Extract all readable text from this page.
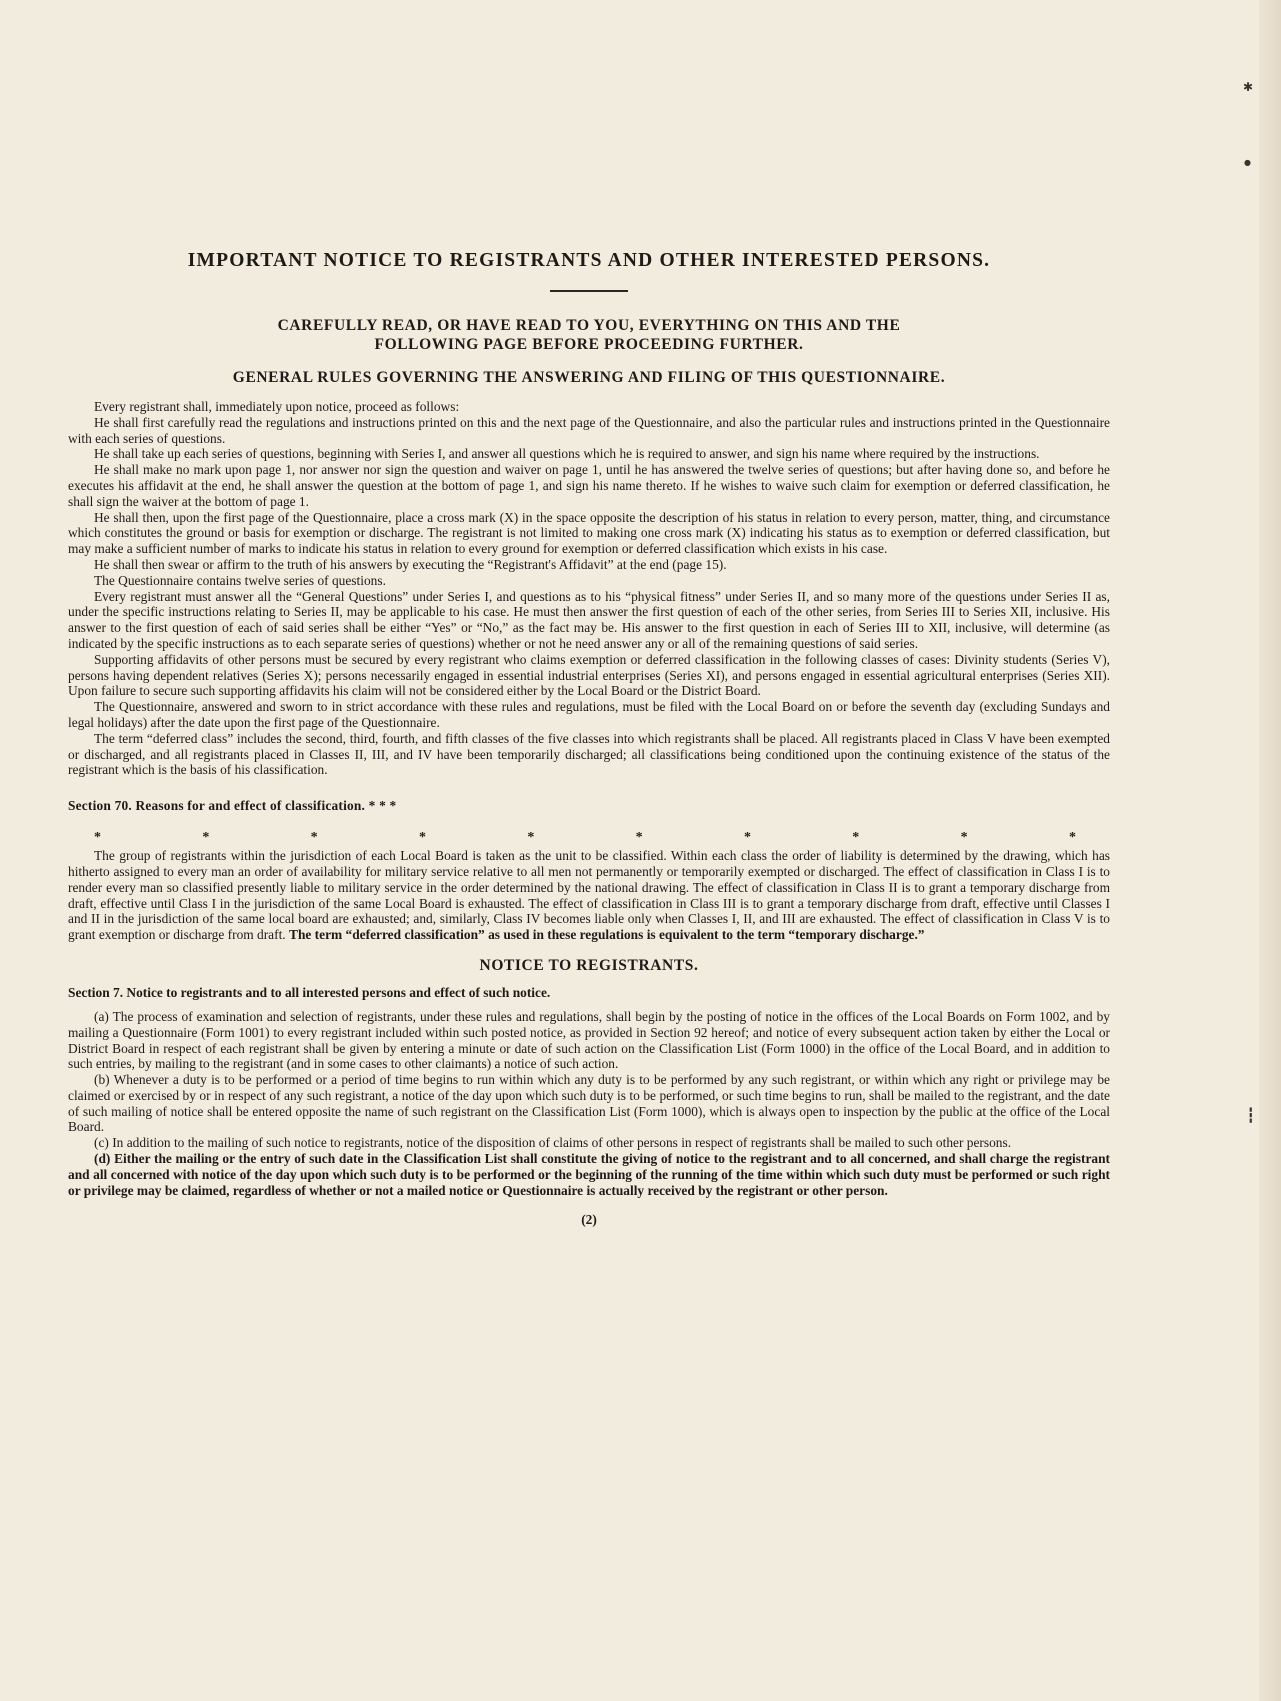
✱
●
┇
IMPORTANT NOTICE TO REGISTRANTS AND OTHER INTERESTED PERSONS.

CAREFULLY READ, OR HAVE READ TO YOU, EVERYTHING ON THIS AND THE

FOLLOWING PAGE BEFORE PROCEEDING FURTHER.

GENERAL RULES GOVERNING THE ANSWERING AND FILING OF THIS QUESTIONNAIRE.

Every registrant shall, immediately upon notice, proceed as follows:

He shall first carefully read the regulations and instructions printed on this and the next page of the Questionnaire, and also the particular rules and instructions printed in the Questionnaire with each series of questions.

He shall take up each series of questions, beginning with Series I, and answer all questions which he is required to answer, and sign his name where required by the instructions.

He shall make no mark upon page 1, nor answer nor sign the question and waiver on page 1, until he has answered the twelve series of questions; but after having done so, and before he executes his affidavit at the end, he shall answer the question at the bottom of page 1, and sign his name thereto. If he wishes to waive such claim for exemption or deferred classification, he shall sign the waiver at the bottom of page 1.

He shall then, upon the first page of the Questionnaire, place a cross mark (X) in the space opposite the description of his status in relation to every person, matter, thing, and circumstance which constitutes the ground or basis for exemption or discharge. The registrant is not limited to making one cross mark (X) indicating his status as to exemption or deferred classification, but may make a sufficient number of marks to indicate his status in relation to every ground for exemption or deferred classification which exists in his case.

He shall then swear or affirm to the truth of his answers by executing the “Registrant's Affidavit” at the end (page 15).

The Questionnaire contains twelve series of questions.

Every registrant must answer all the “General Questions” under Series I, and questions as to his “physical fitness” under Series II, and so many more of the questions under Series II as, under the specific instructions relating to Series II, may be applicable to his case. He must then answer the first question of each of the other series, from Series III to Series XII, inclusive. His answer to the first question of each of said series shall be either “Yes” or “No,” as the fact may be. His answer to the first question in each of Series III to XII, inclusive, will determine (as indicated by the specific instructions as to each separate series of questions) whether or not he need answer any or all of the remaining questions of said series.

Supporting affidavits of other persons must be secured by every registrant who claims exemption or deferred classification in the following classes of cases: Divinity students (Series V), persons having dependent relatives (Series X); persons necessarily engaged in essential industrial enterprises (Series XI), and persons engaged in essential agricultural enterprises (Series XII). Upon failure to secure such supporting affidavits his claim will not be considered either by the Local Board or the District Board.

The Questionnaire, answered and sworn to in strict accordance with these rules and regulations, must be filed with the Local Board on or before the seventh day (excluding Sundays and legal holidays) after the date upon the first page of the Questionnaire.

The term “deferred class” includes the second, third, fourth, and fifth classes of the five classes into which registrants shall be placed. All registrants placed in Class V have been exempted or discharged, and all registrants placed in Classes II, III, and IV have been temporarily discharged; all classifications being conditioned upon the continuing existence of the status of the registrant which is the basis of his classification.

Section 70. Reasons for and effect of classification. * * *

*	*	*	*	*	*	*	*	*	*

The group of registrants within the jurisdiction of each Local Board is taken as the unit to be classified. Within each class the order of liability is determined by the drawing, which has hitherto assigned to every man an order of availability for military service relative to all men not permanently or temporarily exempted or discharged. The effect of classification in Class I is to render every man so classified presently liable to military service in the order determined by the national drawing. The effect of classification in Class II is to grant a temporary discharge from draft, effective until Class I in the jurisdiction of the same Local Board is exhausted. The effect of classification in Class III is to grant a temporary discharge from draft, effective until Classes I and II in the jurisdiction of the same local board are exhausted; and, similarly, Class IV becomes liable only when Classes I, II, and III are exhausted. The effect of classification in Class V is to grant exemption or discharge from draft. The term “deferred classification” as used in these regulations is equivalent to the term “temporary discharge.”

NOTICE TO REGISTRANTS.

Section 7. Notice to registrants and to all interested persons and effect of such notice.

(a) The process of examination and selection of registrants, under these rules and regulations, shall begin by the posting of notice in the offices of the Local Boards on Form 1002, and by mailing a Questionnaire (Form 1001) to every registrant included within such posted notice, as provided in Section 92 hereof; and notice of every subsequent action taken by either the Local or District Board in respect of each registrant shall be given by entering a minute or date of such action on the Classification List (Form 1000) in the office of the Local Board, and in addition to such entries, by mailing to the registrant (and in some cases to other claimants) a notice of such action.

(b) Whenever a duty is to be performed or a period of time begins to run within which any duty is to be performed by any such registrant, or within which any right or privilege may be claimed or exercised by or in respect of any such registrant, a notice of the day upon which such duty is to be performed, or such time begins to run, shall be mailed to the registrant, and the date of such mailing of notice shall be entered opposite the name of such registrant on the Classification List (Form 1000), which is always open to inspection by the public at the office of the Local Board.

(c) In addition to the mailing of such notice to registrants, notice of the disposition of claims of other persons in respect of registrants shall be mailed to such other persons.

(d) Either the mailing or the entry of such date in the Classification List shall constitute the giving of notice to the registrant and to all concerned, and shall charge the registrant and all concerned with notice of the day upon which such duty is to be performed or the beginning of the running of the time within which such duty must be performed or such right or privilege may be claimed, regardless of whether or not a mailed notice or Questionnaire is actually received by the registrant or other person.

(2)
